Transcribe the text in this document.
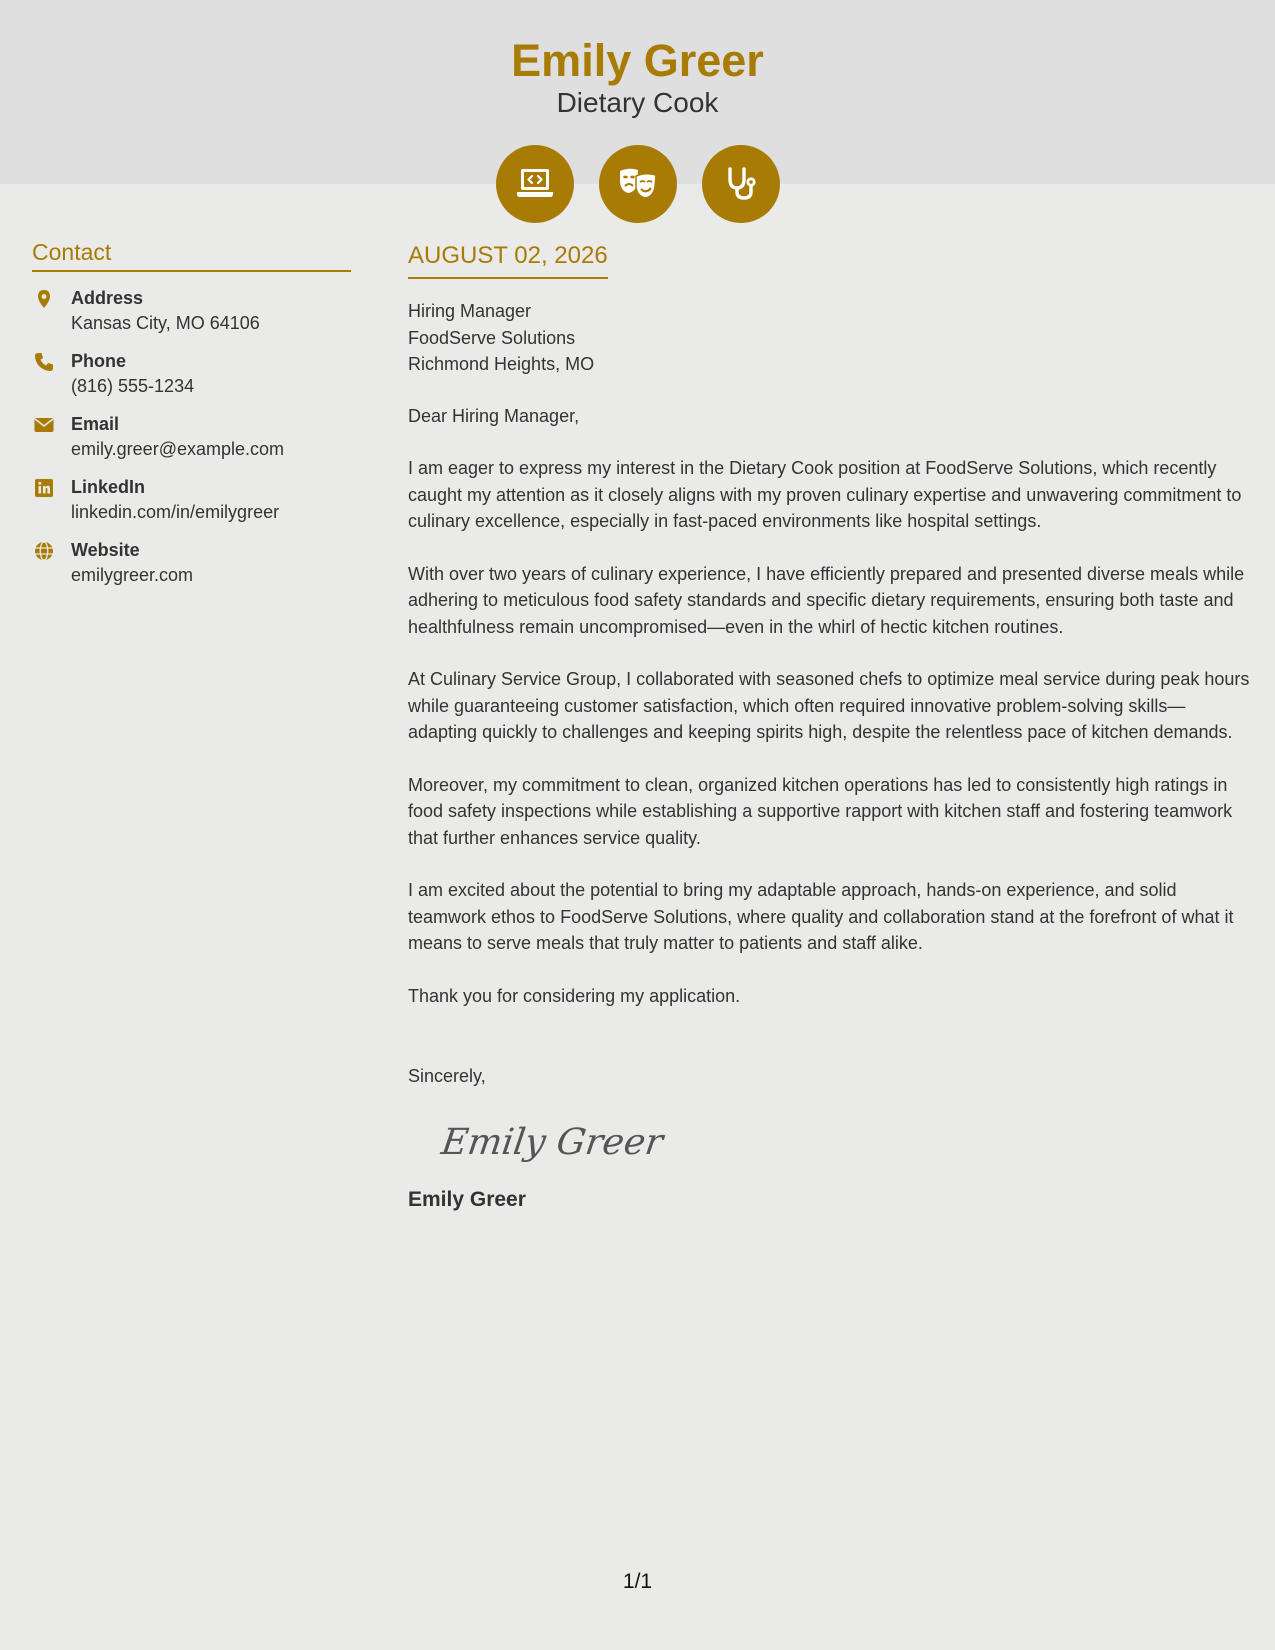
Emily Greer
Dietary Cook
Contact
Address
Kansas City, MO 64106
Phone
(816) 555-1234
Email
emily.greer@example.com
LinkedIn
linkedin.com/in/emilygreer
Website
emilygreer.com
AUGUST 02, 2026
Hiring Manager
FoodServe Solutions
Richmond Heights, MO
Dear Hiring Manager,
I am eager to express my interest in the Dietary Cook position at FoodServe Solutions, which recently caught my attention as it closely aligns with my proven culinary expertise and unwavering commitment to culinary excellence, especially in fast-paced environments like hospital settings.
With over two years of culinary experience, I have efficiently prepared and presented diverse meals while adhering to meticulous food safety standards and specific dietary requirements, ensuring both taste and healthfulness remain uncompromised—even in the whirl of hectic kitchen routines.
At Culinary Service Group, I collaborated with seasoned chefs to optimize meal service during peak hours while guaranteeing customer satisfaction, which often required innovative problem-solving skills—adapting quickly to challenges and keeping spirits high, despite the relentless pace of kitchen demands.
Moreover, my commitment to clean, organized kitchen operations has led to consistently high ratings in food safety inspections while establishing a supportive rapport with kitchen staff and fostering teamwork that further enhances service quality.
I am excited about the potential to bring my adaptable approach, hands-on experience, and solid teamwork ethos to FoodServe Solutions, where quality and collaboration stand at the forefront of what it means to serve meals that truly matter to patients and staff alike.
Thank you for considering my application.
Sincerely,
Emily Greer
Emily Greer
1/1
